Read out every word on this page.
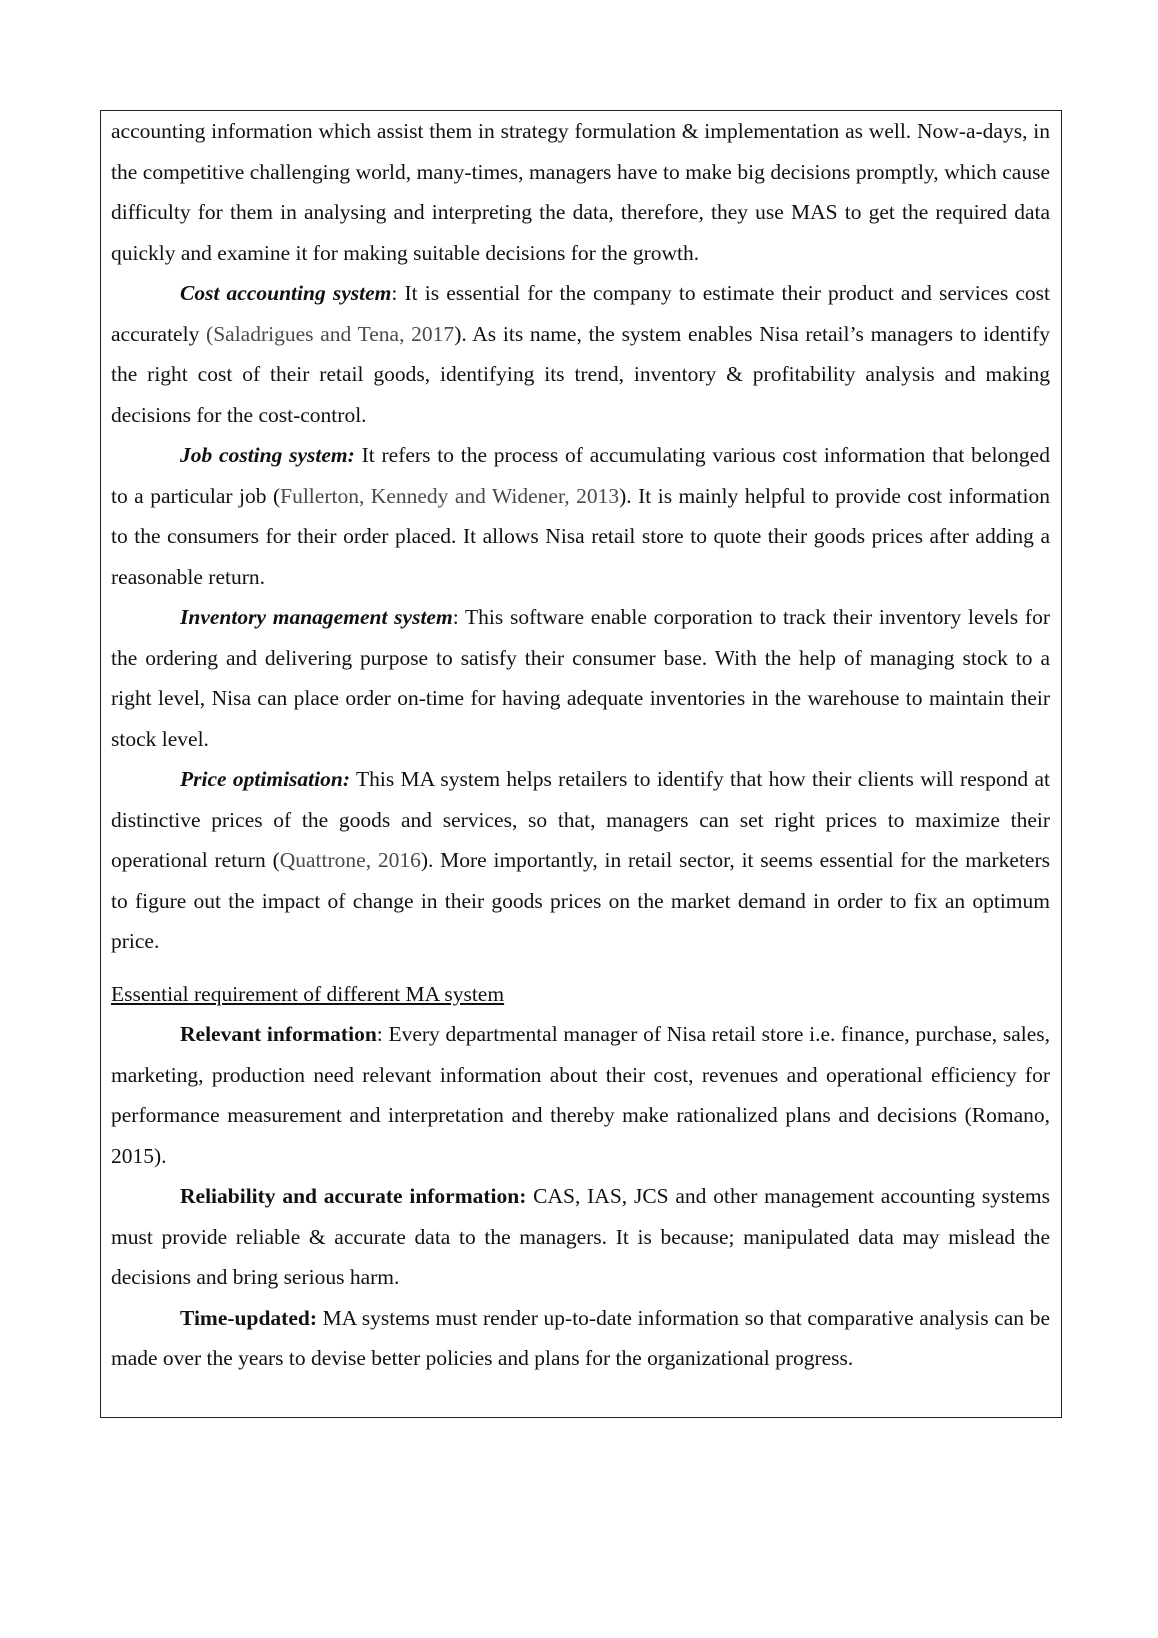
accounting information which assist them in strategy formulation & implementation as well. Now-a-days, in the competitive challenging world, many-times, managers have to make big decisions promptly, which cause difficulty for them in analysing and interpreting the data, therefore, they use MAS to get the required data quickly and examine it for making suitable decisions for the growth.

Cost accounting system: It is essential for the company to estimate their product and services cost accurately (Saladrigues and Tena, 2017). As its name, the system enables Nisa retail’s managers to identify the right cost of their retail goods, identifying its trend, inventory & profitability analysis and making decisions for the cost-control.

Job costing system: It refers to the process of accumulating various cost information that belonged to a particular job (Fullerton, Kennedy and Widener, 2013). It is mainly helpful to provide cost information to the consumers for their order placed. It allows Nisa retail store to quote their goods prices after adding a reasonable return.

Inventory management system: This software enable corporation to track their inventory levels for the ordering and delivering purpose to satisfy their consumer base. With the help of managing stock to a right level, Nisa can place order on-time for having adequate inventories in the warehouse to maintain their stock level.

Price optimisation: This MA system helps retailers to identify that how their clients will respond at distinctive prices of the goods and services, so that, managers can set right prices to maximize their operational return (Quattrone, 2016). More importantly, in retail sector, it seems essential for the marketers to figure out the impact of change in their goods prices on the market demand in order to fix an optimum price.

Essential requirement of different MA system

Relevant information: Every departmental manager of Nisa retail store i.e. finance, purchase, sales, marketing, production need relevant information about their cost, revenues and operational efficiency for performance measurement and interpretation and thereby make rationalized plans and decisions (Romano, 2015).

Reliability and accurate information: CAS, IAS, JCS and other management accounting systems must provide reliable & accurate data to the managers. It is because; manipulated data may mislead the decisions and bring serious harm.

Time-updated: MA systems must render up-to-date information so that comparative analysis can be made over the years to devise better policies and plans for the organizational progress.
